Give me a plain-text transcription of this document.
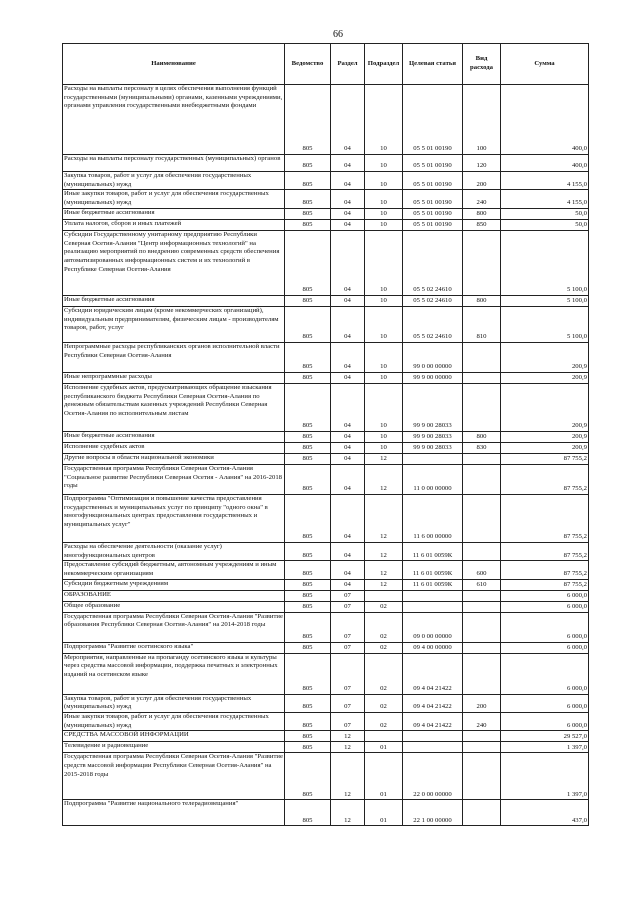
66
Наименование	Ведомство	Раздел	Подраздел	Целевая статья	Вид расхода	Сумма
Расходы на выплаты персоналу в целях обеспечения выполнения функций государственными (муниципальными) органами, казенными учреждениями, органами управления государственными внебюджетными фондами	805	04	10	05 5 01 00190	100	400,0
Расходы на выплаты персоналу государственных (муниципальных) органов	805	04	10	05 5 01 00190	120	400,0
Закупка товаров, работ и услуг для обеспечения государственных (муниципальных) нужд	805	04	10	05 5 01 00190	200	4 155,0
Иные закупки товаров, работ и услуг для обеспечения государственных (муниципальных) нужд	805	04	10	05 5 01 00190	240	4 155,0
Иные бюджетные ассигнования	805	04	10	05 5 01 00190	800	50,0
Уплата налогов, сборов и иных платежей	805	04	10	05 5 01 00190	850	50,0
Субсидии Государственному унитарному предприятию Республики Северная Осетия-Алания "Центр информационных технологий" на реализацию мероприятий по внедрению современных средств обеспечения автоматизированных информационных систем и их технологий в Республике Северная Осетия-Алания	805	04	10	05 5 02 24610		5 100,0
Иные бюджетные ассигнования	805	04	10	05 5 02 24610	800	5 100,0
Субсидии юридическим лицам (кроме некоммерческих организаций), индивидуальным предпринимателям, физическим лицам - производителям товаров, работ, услуг	805	04	10	05 5 02 24610	810	5 100,0
Непрограммные расходы республиканских органов исполнительной власти Республики Северная Осетия-Алания	805	04	10	99 0 00 00000		200,9
Иные непрограммные расходы	805	04	10	99 9 00 00000		200,9
Исполнение судебных актов, предусматривающих обращение взыскания республиканского бюджета Республики Северная Осетия-Алания по денежным обязательствам казенных учреждений Республики Северная Осетия-Алания по исполнительным листам	805	04	10	99 9 00 28033		200,9
Иные бюджетные ассигнования	805	04	10	99 9 00 28033	800	200,9
Исполнение судебных актов	805	04	10	99 9 00 28033	830	200,9
Другие вопросы в области национальной экономики	805	04	12			87 755,2
Государственная программа Республики Северная Осетия-Алания "Социальное развитие Республики Северная Осетия - Алания" на 2016-2018 годы	805	04	12	11 0 00 00000		87 755,2
Подпрограмма "Оптимизация и повышение качества предоставления государственных и муниципальных услуг по принципу "одного окна" в многофункциональных центрах предоставления государственных и муниципальных услуг"	805	04	12	11 6 00 00000		87 755,2
Расходы на обеспечение деятельности (оказание услуг) многофункциональных центров	805	04	12	11 6 01 0059К		87 755,2
Предоставление субсидий бюджетным, автономным учреждениям и иным некоммерческим организациям	805	04	12	11 6 01 0059К	600	87 755,2
Субсидии бюджетным учреждениям	805	04	12	11 6 01 0059К	610	87 755,2
ОБРАЗОВАНИЕ	805	07				6 000,0
Общее образование	805	07	02			6 000,0
Государственная программа Республики Северная Осетия-Алания "Развитие образования Республики Северная Осетия-Алания" на 2014-2018 годы	805	07	02	09 0 00 00000		6 000,0
Подпрограмма "Развитие осетинского языка"	805	07	02	09 4 00 00000		6 000,0
Мероприятия, направленные на пропаганду осетинского языка и культуры через средства массовой информации, поддержка печатных и электронных изданий на осетинском языке	805	07	02	09 4 04 21422		6 000,0
Закупка товаров, работ и услуг для обеспечения государственных (муниципальных) нужд	805	07	02	09 4 04 21422	200	6 000,0
Иные закупки товаров, работ и услуг для обеспечения государственных (муниципальных) нужд	805	07	02	09 4 04 21422	240	6 000,0
СРЕДСТВА МАССОВОЙ ИНФОРМАЦИИ	805	12				29 527,0
Телевидение и радиовещание	805	12	01			1 397,0
Государственная программа Республики Северная Осетия-Алания "Развитие средств массовой информации Республики Северная Осетия-Алания" на 2015-2018 годы	805	12	01	22 0 00 00000		1 397,0
Подпрограмма "Развитие национального телерадиовещания"	805	12	01	22 1 00 00000		437,0
